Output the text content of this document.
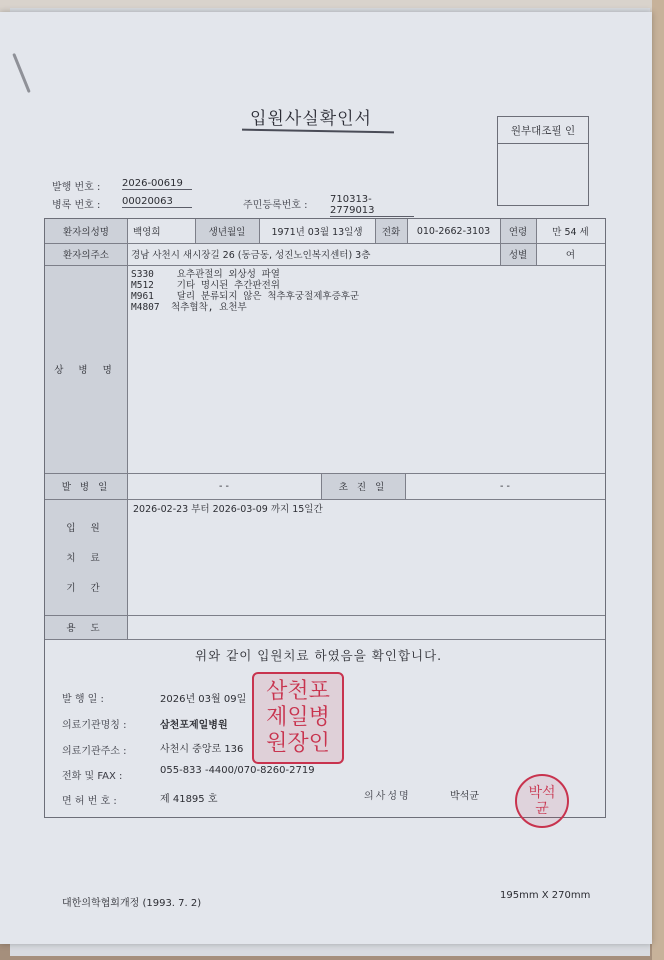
입원사실확인서
원부대조필 인
발행 번호 : 2026-00619
병록 번호 : 00020063	주민등록번호 :
710313-2779013
환자의성명	백영희	생년월일	1971년 03월 13일생	전화	010-2662-3103	연령	만 54 세
환자의주소	경남 사천시 새시장길 26 (동금동, 성진노인복지센터) 3층	성별	여
상 병 명
S330    요추관절의 외상성 파열
M512    기타 명시된 추간판전위
M961    달리 분류되지 않은 척추후궁절제후증후군
M4807  척추협착, 요천부
발 병 일	- -	초 진 일	- -
입 원
치 료
기 간
2026-02-23 부터 2026-03-09 까지 15일간
용 도
위와 같이 입원치료 하였음을 확인합니다.
발 행 일 :	2026년 03월 09일
의료기관명칭 :	삼천포제일병원
의료기관주소 :	사천시 중앙로 136
전화 및 FAX :
055-833 -4400/070-8260-2719
면 허 번 호 :	제 41895 호	의사성명	박석균
삼천포제일병원장인
박석균
대한의학협회개정 (1993. 7. 2)
195mm X 270mm
